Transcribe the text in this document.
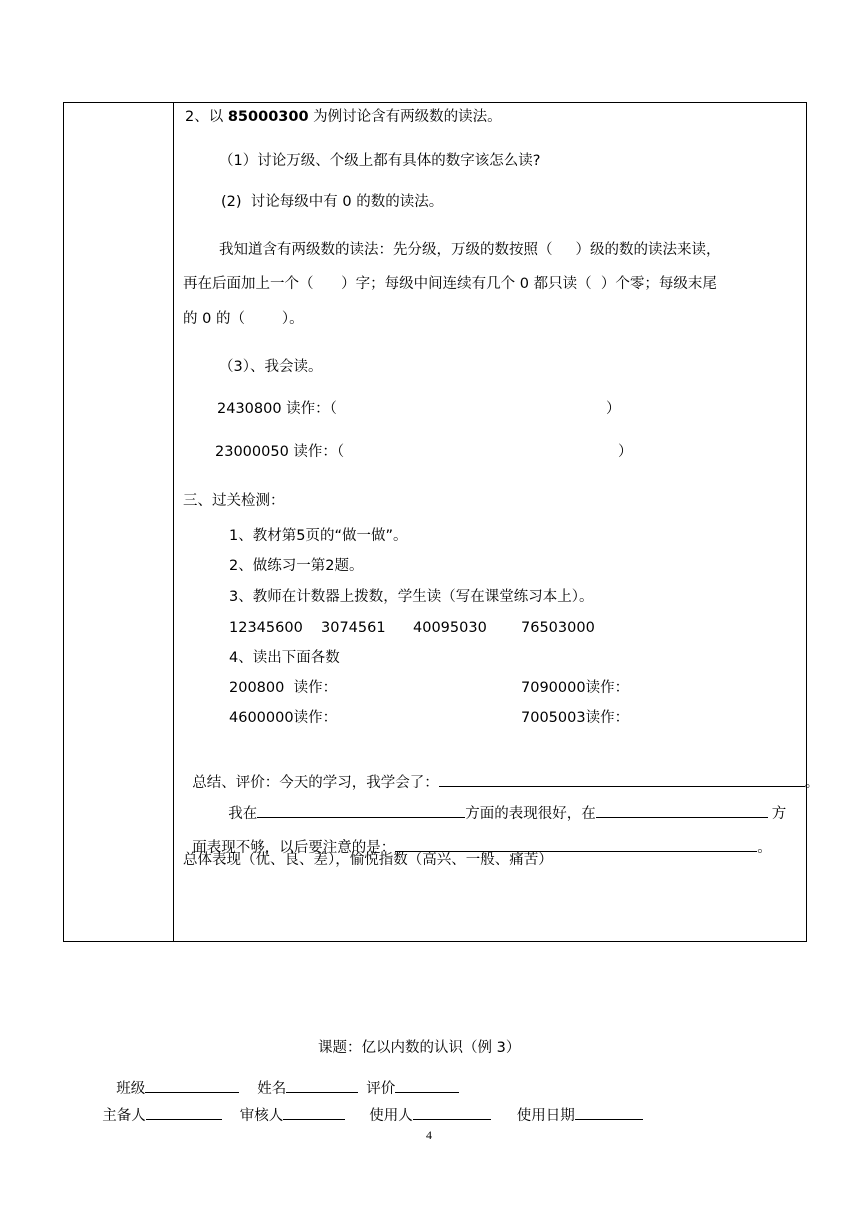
2、以 85000300 为例讨论含有两级数的读法。
（1）讨论万级、个级上都有具体的数字该怎么读?
(2)  讨论每级中有 0 的数的读法。
我知道含有两级数的读法：先分级，万级的数按照（     ）级的数的读法来读，
再在后面加上一个（      ）字；每级中间连续有几个 0 都只读（  ）个零；每级末尾
的 0 的（        ）。
（3）、我会读。
2430800 读作：（	）
23000050 读作：（	）
三、过关检测：
1、教材第5页的“做一做”。
2、做练习一第2题。
3、教师在计数器上拨数，学生读（写在课堂练习本上）。
12345600 3074561 40095030 76503000
4、读出下面各数
200800  读作：	7090000读作：
4600000读作：	7005003读作：

总结、评价：今天的学习，我学会了：	。

我在	方面的表现很好，在	方

面表现不够，以后要注意的是：	。

总体表现（优、良、差），愉悦指数（高兴、一般、痛苦）
课题：亿以内数的认识（例 3）

班级	姓名	评价

主备人	审核人	使用人	使用日期

4
